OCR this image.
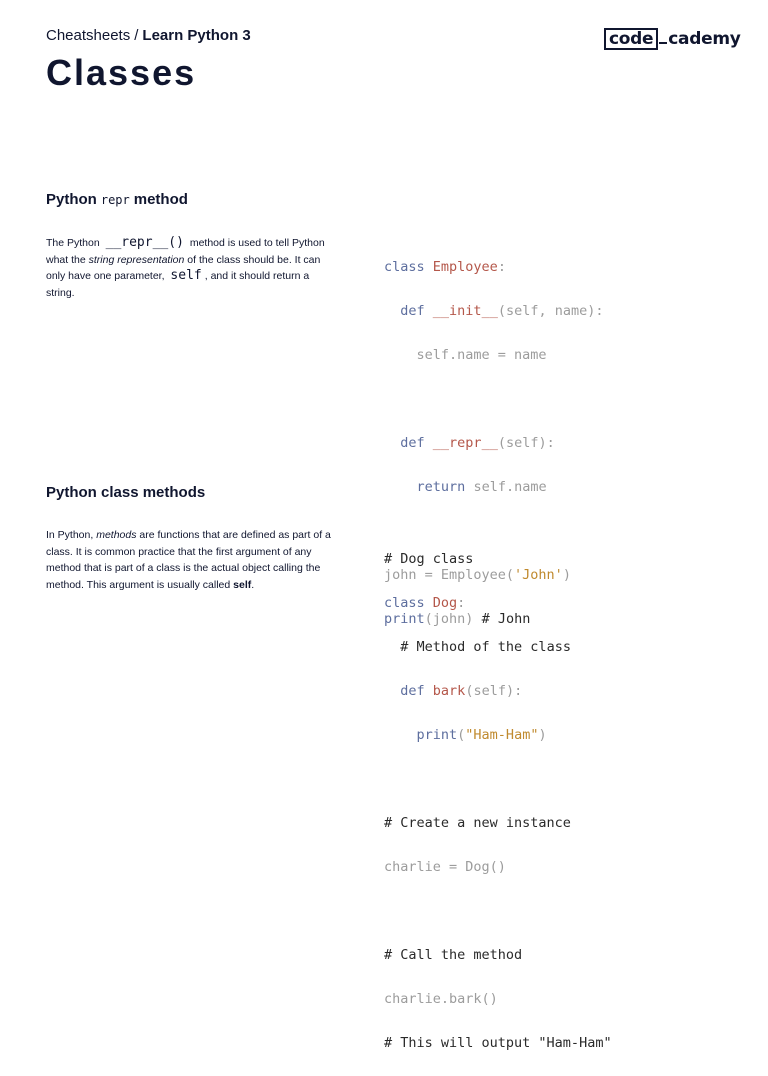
Cheatsheets / Learn Python 3	code cademy
Classes
Python repr method

The Python __repr__() method is used to tell Python what the string representation of the class should be. It can only have one parameter, self , and it should return a string.

class Employee:

def __init__(self, name):

self.name = name

def __repr__(self):

return self.name

john = Employee('John')

print(john) # John

Python class methods

In Python, methods are functions that are defined as part of a class. It is common practice that the first argument of any method that is part of a class is the actual object calling the method. This argument is usually called self.

# Dog class

class Dog:

# Method of the class

def bark(self):

print("Ham-Ham")

# Create a new instance

charlie = Dog()

# Call the method

charlie.bark()

# This will output "Ham-Ham"
